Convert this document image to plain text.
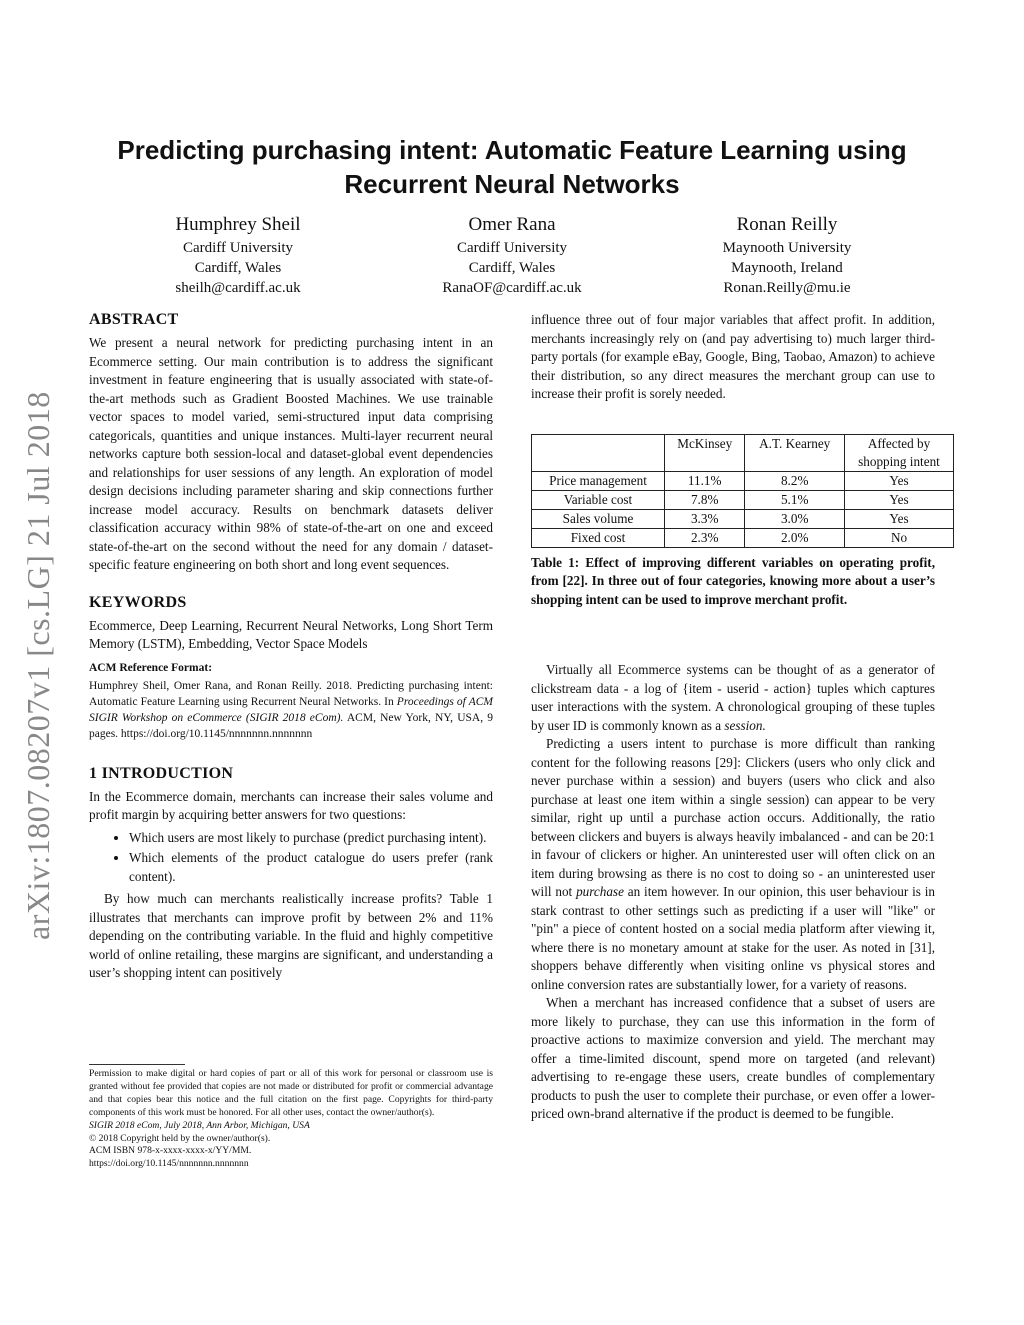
arXiv:1807.08207v1 [cs.LG] 21 Jul 2018
Predicting purchasing intent: Automatic Feature Learning using
Recurrent Neural Networks
Humphrey Sheil
Cardiff University
Cardiff, Wales
sheilh@cardiff.ac.uk
Omer Rana
Cardiff University
Cardiff, Wales
RanaOF@cardiff.ac.uk
Ronan Reilly
Maynooth University
Maynooth, Ireland
Ronan.Reilly@mu.ie
ABSTRACT

We present a neural network for predicting purchasing intent in an Ecommerce setting. Our main contribution is to address the significant investment in feature engineering that is usually associated with state-of-the-art methods such as Gradient Boosted Machines. We use trainable vector spaces to model varied, semi-structured input data comprising categoricals, quantities and unique instances. Multi-layer recurrent neural networks capture both session-local and dataset-global event dependencies and relationships for user sessions of any length. An exploration of model design decisions including parameter sharing and skip connections further increase model accuracy. Results on benchmark datasets deliver classification accuracy within 98% of state-of-the-art on one and exceed state-of-the-art on the second without the need for any domain / dataset-specific feature engineering on both short and long event sequences.

KEYWORDS

Ecommerce, Deep Learning, Recurrent Neural Networks, Long Short Term Memory (LSTM), Embedding, Vector Space Models

ACM Reference Format:

Humphrey Sheil, Omer Rana, and Ronan Reilly. 2018. Predicting purchasing intent: Automatic Feature Learning using Recurrent Neural Networks. In Proceedings of ACM SIGIR Workshop on eCommerce (SIGIR 2018 eCom). ACM, New York, NY, USA, 9 pages. https://doi.org/10.1145/nnnnnnn.nnnnnnn

1 INTRODUCTION

In the Ecommerce domain, merchants can increase their sales volume and profit margin by acquiring better answers for two questions:

• Which users are most likely to purchase (predict purchasing intent).
• Which elements of the product catalogue do users prefer (rank content).

By how much can merchants realistically increase profits? Table 1 illustrates that merchants can improve profit by between 2% and 11% depending on the contributing variable. In the fluid and highly competitive world of online retailing, these margins are significant, and understanding a user’s shopping intent can positively

Permission to make digital or hard copies of part or all of this work for personal or classroom use is granted without fee provided that copies are not made or distributed for profit or commercial advantage and that copies bear this notice and the full citation on the first page. Copyrights for third-party components of this work must be honored. For all other uses, contact the owner/author(s).
SIGIR 2018 eCom, July 2018, Ann Arbor, Michigan, USA
© 2018 Copyright held by the owner/author(s).
ACM ISBN 978-x-xxxx-xxxx-x/YY/MM.
https://doi.org/10.1145/nnnnnnn.nnnnnnn

influence three out of four major variables that affect profit. In addition, merchants increasingly rely on (and pay advertising to) much larger third-party portals (for example eBay, Google, Bing, Taobao, Amazon) to achieve their distribution, so any direct measures the merchant group can use to increase their profit is sorely needed.

	McKinsey	A.T. Kearney	Affected by shopping intent
Price management	11.1%	8.2%	Yes
Variable cost	7.8%	5.1%	Yes
Sales volume	3.3%	3.0%	Yes
Fixed cost	2.3%	2.0%	No
Table 1: Effect of improving different variables on operating profit, from [22]. In three out of four categories, knowing more about a user’s shopping intent can be used to improve merchant profit.

Virtually all Ecommerce systems can be thought of as a generator of clickstream data - a log of {item - userid - action} tuples which captures user interactions with the system. A chronological grouping of these tuples by user ID is commonly known as a session.

Predicting a users intent to purchase is more difficult than ranking content for the following reasons [29]: Clickers (users who only click and never purchase within a session) and buyers (users who click and also purchase at least one item within a single session) can appear to be very similar, right up until a purchase action occurs. Additionally, the ratio between clickers and buyers is always heavily imbalanced - and can be 20:1 in favour of clickers or higher. An uninterested user will often click on an item during browsing as there is no cost to doing so - an uninterested user will not purchase an item however. In our opinion, this user behaviour is in stark contrast to other settings such as predicting if a user will "like" or "pin" a piece of content hosted on a social media platform after viewing it, where there is no monetary amount at stake for the user. As noted in [31], shoppers behave differently when visiting online vs physical stores and online conversion rates are substantially lower, for a variety of reasons.

When a merchant has increased confidence that a subset of users are more likely to purchase, they can use this information in the form of proactive actions to maximize conversion and yield. The merchant may offer a time-limited discount, spend more on targeted (and relevant) advertising to re-engage these users, create bundles of complementary products to push the user to complete their purchase, or even offer a lower-priced own-brand alternative if the product is deemed to be fungible.
